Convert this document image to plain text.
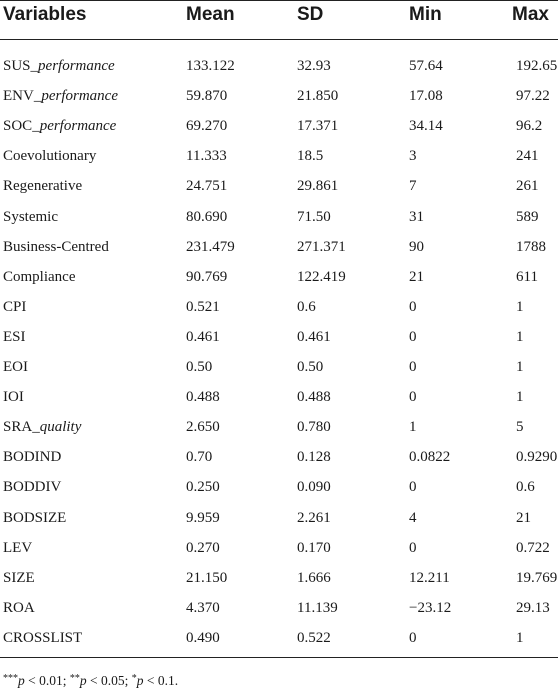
Variables	Mean	SD	Min	Max
SUS_performance	133.122	32.93	57.64	192.65
ENV_performance	59.870	21.850	17.08	97.22
SOC_performance	69.270	17.371	34.14	96.2
Coevolutionary	11.333	18.5	3	241
Regenerative	24.751	29.861	7	261
Systemic	80.690	71.50	31	589
Business-Centred	231.479	271.371	90	1788
Compliance	90.769	122.419	21	611
CPI	0.521	0.6	0	1
ESI	0.461	0.461	0	1
EOI	0.50	0.50	0	1
IOI	0.488	0.488	0	1
SRA_quality	2.650	0.780	1	5
BODIND	0.70	0.128	0.0822	0.9290
BODDIV	0.250	0.090	0	0.6
BODSIZE	9.959	2.261	4	21
LEV	0.270	0.170	0	0.722
SIZE	21.150	1.666	12.211	19.769
ROA	4.370	11.139	−23.12	29.13
CROSSLIST	0.490	0.522	0	1
***p < 0.01; **p < 0.05; *p < 0.1.
